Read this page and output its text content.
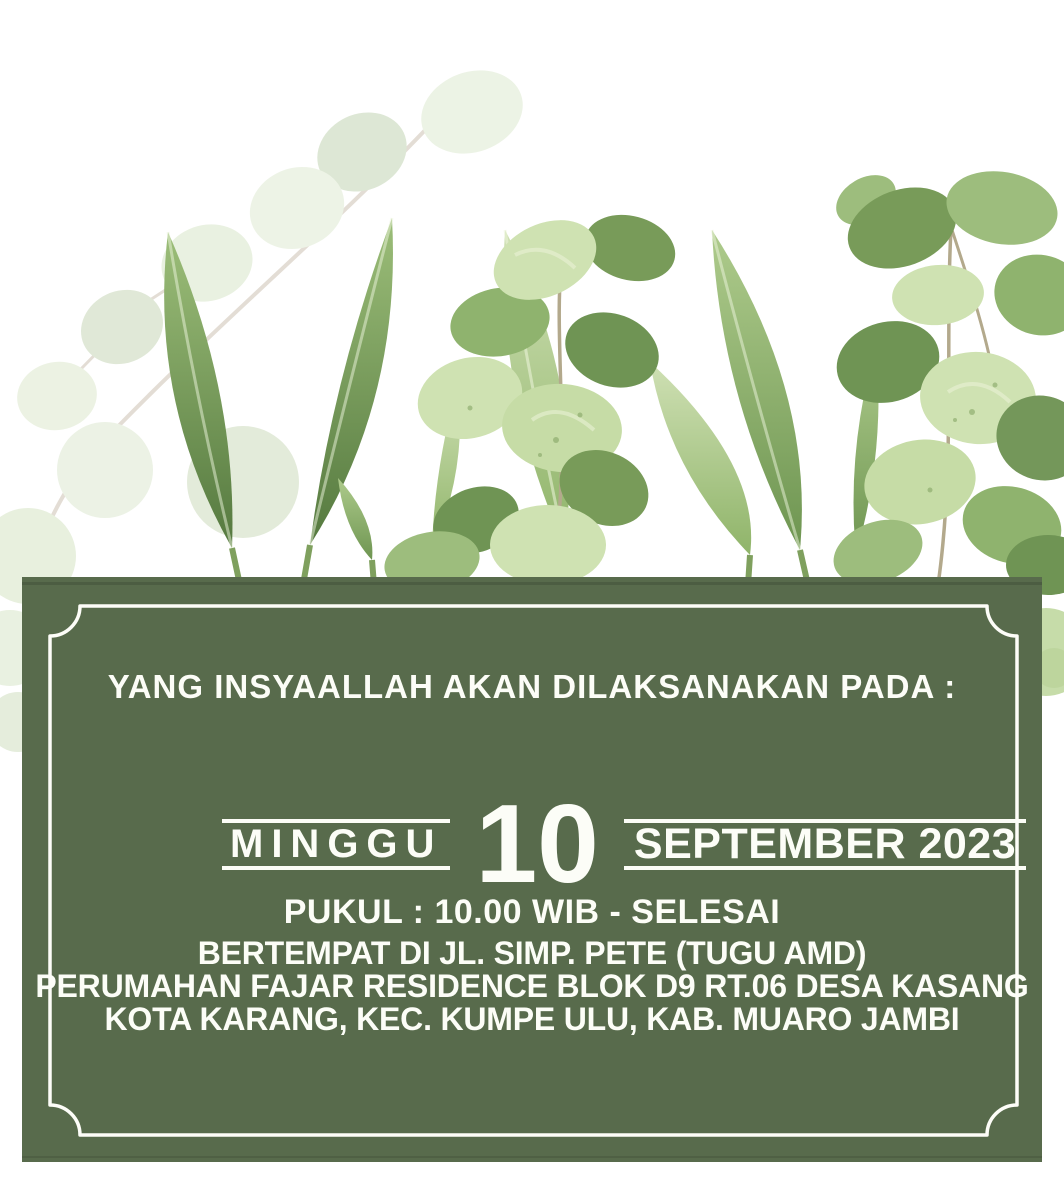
YANG INSYAALLAH AKAN DILAKSANAKAN PADA :
MINGGU 10 SEPTEMBER 2023
PUKUL : 10.00 WIB - SELESAI
BERTEMPAT DI JL. SIMP. PETE (TUGU AMD)
PERUMAHAN FAJAR RESIDENCE BLOK D9 RT.06 DESA KASANG
KOTA KARANG, KEC. KUMPE ULU, KAB. MUARO JAMBI
